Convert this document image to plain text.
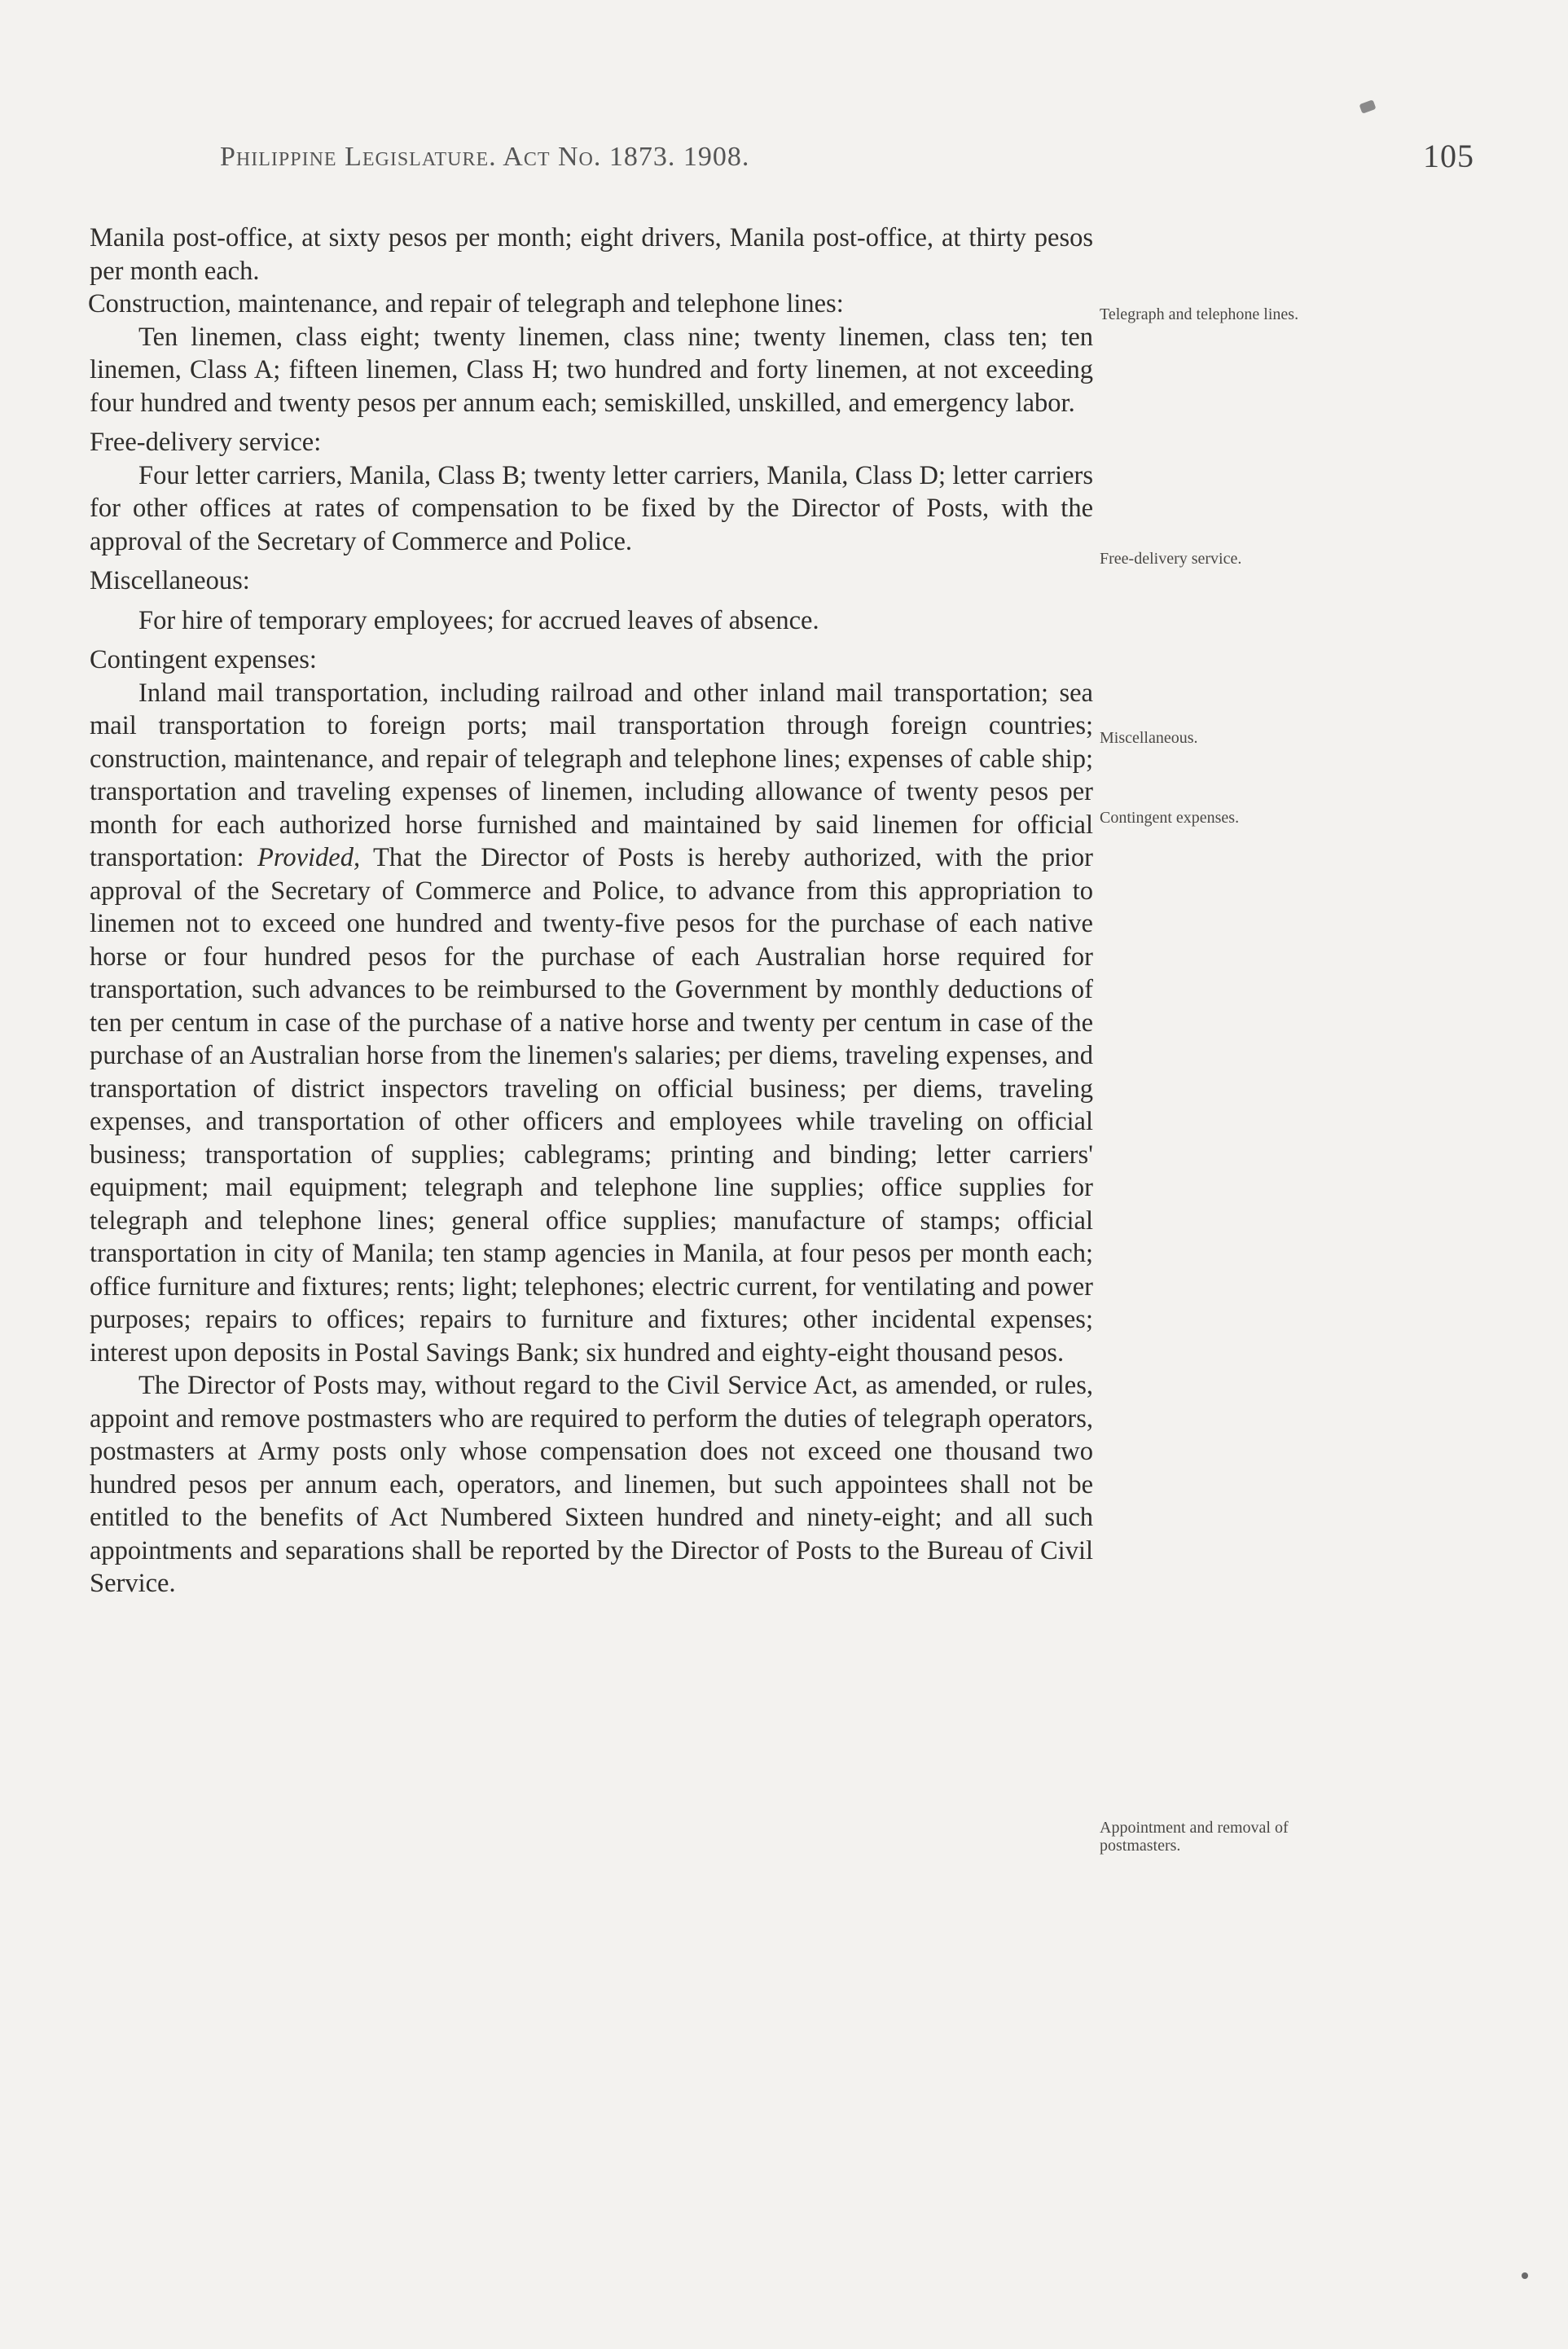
Philippine Legislature. Act No. 1873. 1908.	105

Manila post-office, at sixty pesos per month; eight drivers, Manila post-office, at thirty pesos per month each.

Construction, maintenance, and repair of telegraph and telephone lines:

Ten linemen, class eight; twenty linemen, class nine; twenty linemen, class ten; ten linemen, Class A; fifteen linemen, Class H; two hundred and forty linemen, at not exceeding four hundred and twenty pesos per annum each; semiskilled, unskilled, and emergency labor.

Free-delivery service:

Four letter carriers, Manila, Class B; twenty letter carriers, Manila, Class D; letter carriers for other offices at rates of compensation to be fixed by the Director of Posts, with the approval of the Secretary of Commerce and Police.

Miscellaneous:

For hire of temporary employees; for accrued leaves of absence.

Contingent expenses:

Inland mail transportation, including railroad and other inland mail transportation; sea mail transportation to foreign ports; mail transportation through foreign countries; construction, maintenance, and repair of telegraph and telephone lines; expenses of cable ship; transportation and traveling expenses of linemen, including allowance of twenty pesos per month for each authorized horse furnished and maintained by said linemen for official transportation: Provided, That the Director of Posts is hereby authorized, with the prior approval of the Secretary of Commerce and Police, to advance from this appropriation to linemen not to exceed one hundred and twenty-five pesos for the purchase of each native horse or four hundred pesos for the purchase of each Australian horse required for transportation, such advances to be reimbursed to the Government by monthly deductions of ten per centum in case of the purchase of a native horse and twenty per centum in case of the purchase of an Australian horse from the linemen's salaries; per diems, traveling expenses, and transportation of district inspectors traveling on official business; per diems, traveling expenses, and transportation of other officers and employees while traveling on official business; transportation of supplies; cablegrams; printing and binding; letter carriers' equipment; mail equipment; telegraph and telephone line supplies; office supplies for telegraph and telephone lines; general office supplies; manufacture of stamps; official transportation in city of Manila; ten stamp agencies in Manila, at four pesos per month each; office furniture and fixtures; rents; light; telephones; electric current, for ventilating and power purposes; repairs to offices; repairs to furniture and fixtures; other incidental expenses; interest upon deposits in Postal Savings Bank; six hundred and eighty-eight thousand pesos.

The Director of Posts may, without regard to the Civil Service Act, as amended, or rules, appoint and remove postmasters who are required to perform the duties of telegraph operators, postmasters at Army posts only whose compensation does not exceed one thousand two hundred pesos per annum each, operators, and linemen, but such appointees shall not be entitled to the benefits of Act Numbered Sixteen hundred and ninety-eight; and all such appointments and separations shall be reported by the Director of Posts to the Bureau of Civil Service.

Telegraph and telephone lines.
Free-delivery service.
Miscellaneous.
Contingent expenses.
Appointment and removal of postmasters.
